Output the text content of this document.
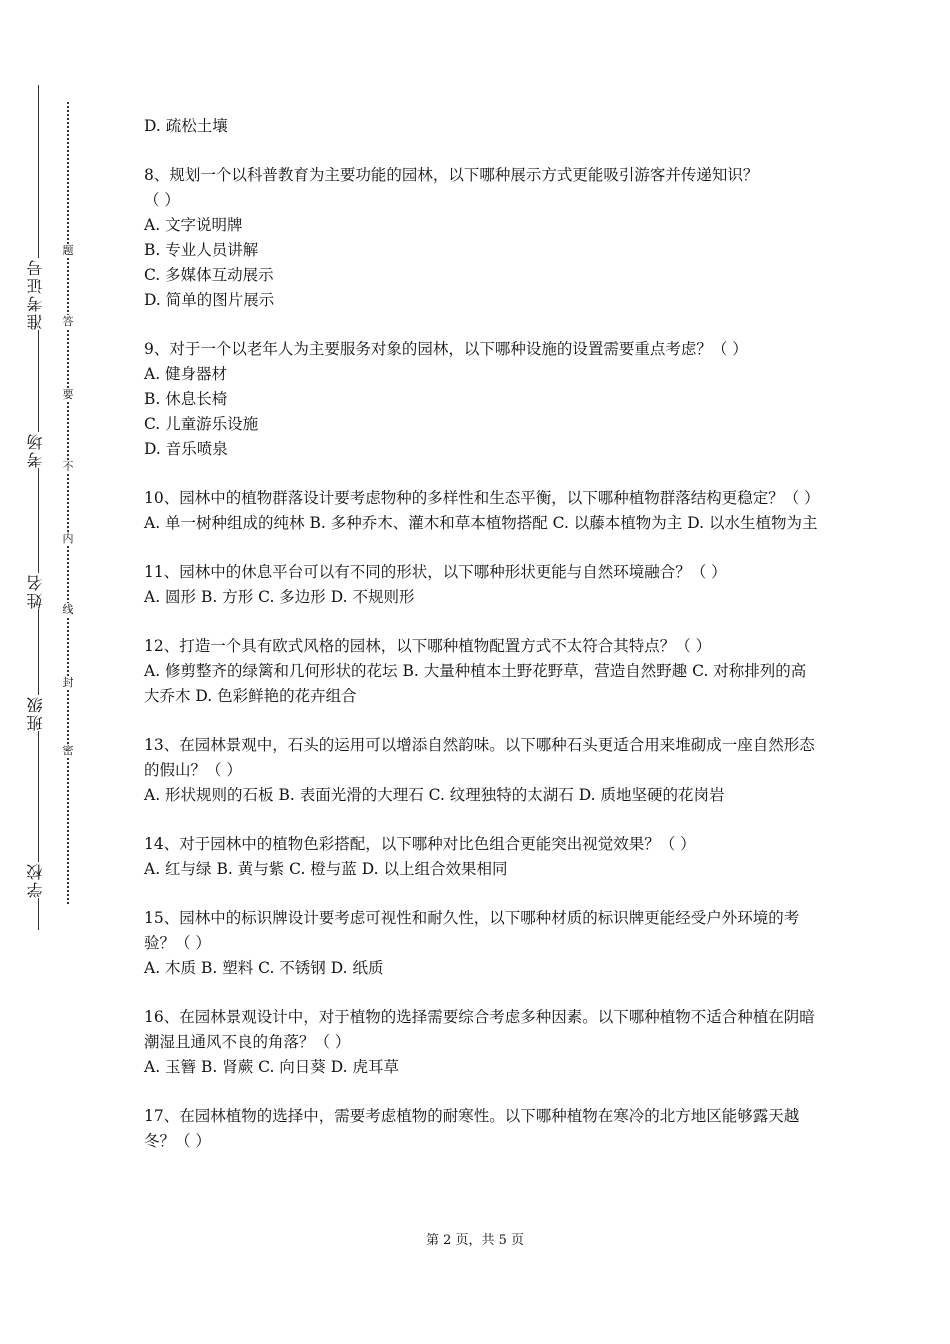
学校
班级
姓名
考场
准考证号
密
封
线
内
不
要
答
题

D. 疏松土壤

8、规划一个以科普教育为主要功能的园林，以下哪种展示方式更能吸引游客并传递知识？

（ ）

A. 文字说明牌

B. 专业人员讲解

C. 多媒体互动展示

D. 简单的图片展示

9、对于一个以老年人为主要服务对象的园林，以下哪种设施的设置需要重点考虑？（ ）

A. 健身器材

B. 休息长椅

C. 儿童游乐设施

D. 音乐喷泉

10、园林中的植物群落设计要考虑物种的多样性和生态平衡，以下哪种植物群落结构更稳定？（ ）

A. 单一树种组成的纯林 B. 多种乔木、灌木和草本植物搭配 C. 以藤本植物为主 D. 以水生植物为主

11、园林中的休息平台可以有不同的形状，以下哪种形状更能与自然环境融合？（ ）

A. 圆形 B. 方形 C. 多边形 D. 不规则形

12、打造一个具有欧式风格的园林，以下哪种植物配置方式不太符合其特点？（ ）

A. 修剪整齐的绿篱和几何形状的花坛 B. 大量种植本土野花野草，营造自然野趣 C. 对称排列的高大乔木 D. 色彩鲜艳的花卉组合

13、在园林景观中，石头的运用可以增添自然韵味。以下哪种石头更适合用来堆砌成一座自然形态的假山？（ ）

A. 形状规则的石板 B. 表面光滑的大理石 C. 纹理独特的太湖石 D. 质地坚硬的花岗岩

14、对于园林中的植物色彩搭配，以下哪种对比色组合更能突出视觉效果？（ ）

A. 红与绿 B. 黄与紫 C. 橙与蓝 D. 以上组合效果相同

15、园林中的标识牌设计要考虑可视性和耐久性，以下哪种材质的标识牌更能经受户外环境的考验？（ ）

A. 木质 B. 塑料 C. 不锈钢 D. 纸质

16、在园林景观设计中，对于植物的选择需要综合考虑多种因素。以下哪种植物不适合种植在阴暗潮湿且通风不良的角落？（ ）

A. 玉簪 B. 肾蕨 C. 向日葵 D. 虎耳草

17、在园林植物的选择中，需要考虑植物的耐寒性。以下哪种植物在寒冷的北方地区能够露天越冬？（ ）

第 2 页，共 5 页
